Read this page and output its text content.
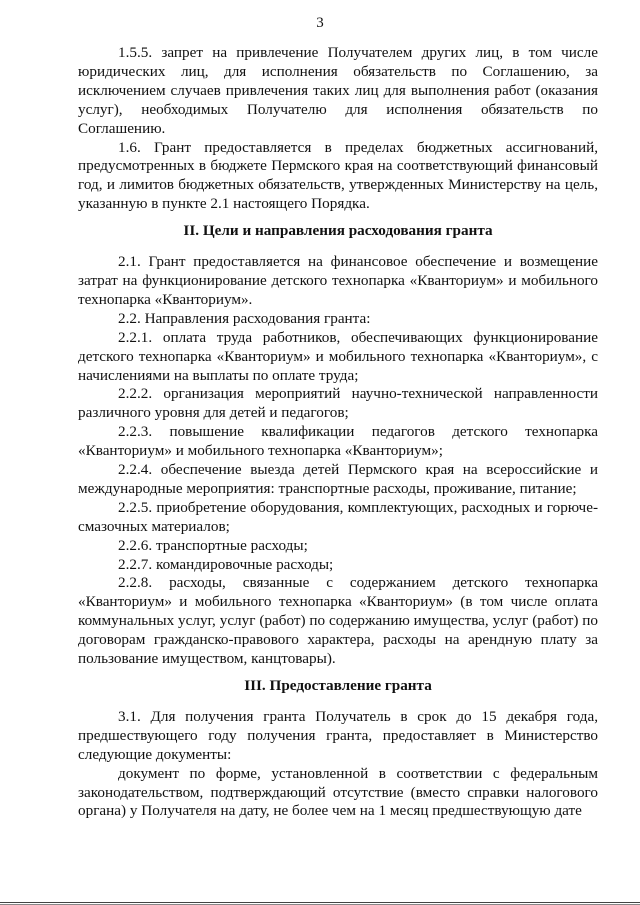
3

1.5.5. запрет на привлечение Получателем других лиц, в том числе юридических лиц, для исполнения обязательств по Соглашению, за исключением случаев привлечения таких лиц для выполнения работ (оказания услуг), необходимых Получателю для исполнения обязательств по Соглашению.

1.6. Грант предоставляется в пределах бюджетных ассигнований, предусмотренных в бюджете Пермского края на соответствующий финансовый год, и лимитов бюджетных обязательств, утвержденных Министерству на цель, указанную в пункте 2.1 настоящего Порядка.

II. Цели и направления расходования гранта

2.1. Грант предоставляется на финансовое обеспечение и возмещение затрат на функционирование детского технопарка «Кванториум» и мобильного технопарка «Кванториум».

2.2. Направления расходования гранта:

2.2.1. оплата труда работников, обеспечивающих функционирование детского технопарка «Кванториум» и мобильного технопарка «Кванториум», с начислениями на выплаты по оплате труда;

2.2.2. организация мероприятий научно-технической направленности различного уровня для детей и педагогов;

2.2.3. повышение квалификации педагогов детского технопарка «Кванториум» и мобильного технопарка «Кванториум»;

2.2.4. обеспечение выезда детей Пермского края на всероссийские и международные мероприятия: транспортные расходы, проживание, питание;

2.2.5. приобретение оборудования, комплектующих, расходных и горюче-смазочных материалов;

2.2.6. транспортные расходы;

2.2.7. командировочные расходы;

2.2.8. расходы, связанные с содержанием детского технопарка «Кванториум» и мобильного технопарка «Кванториум» (в том числе оплата коммунальных услуг, услуг (работ) по содержанию имущества, услуг (работ) по договорам гражданско-правового характера, расходы на арендную плату за пользование имуществом, канцтовары).

III. Предоставление гранта

3.1. Для получения гранта Получатель в срок до 15 декабря года, предшествующего году получения гранта, предоставляет в Министерство следующие документы:

документ по форме, установленной в соответствии с федеральным законодательством, подтверждающий отсутствие (вместо справки налогового органа) у Получателя на дату, не более чем на 1 месяц предшествующую дате
